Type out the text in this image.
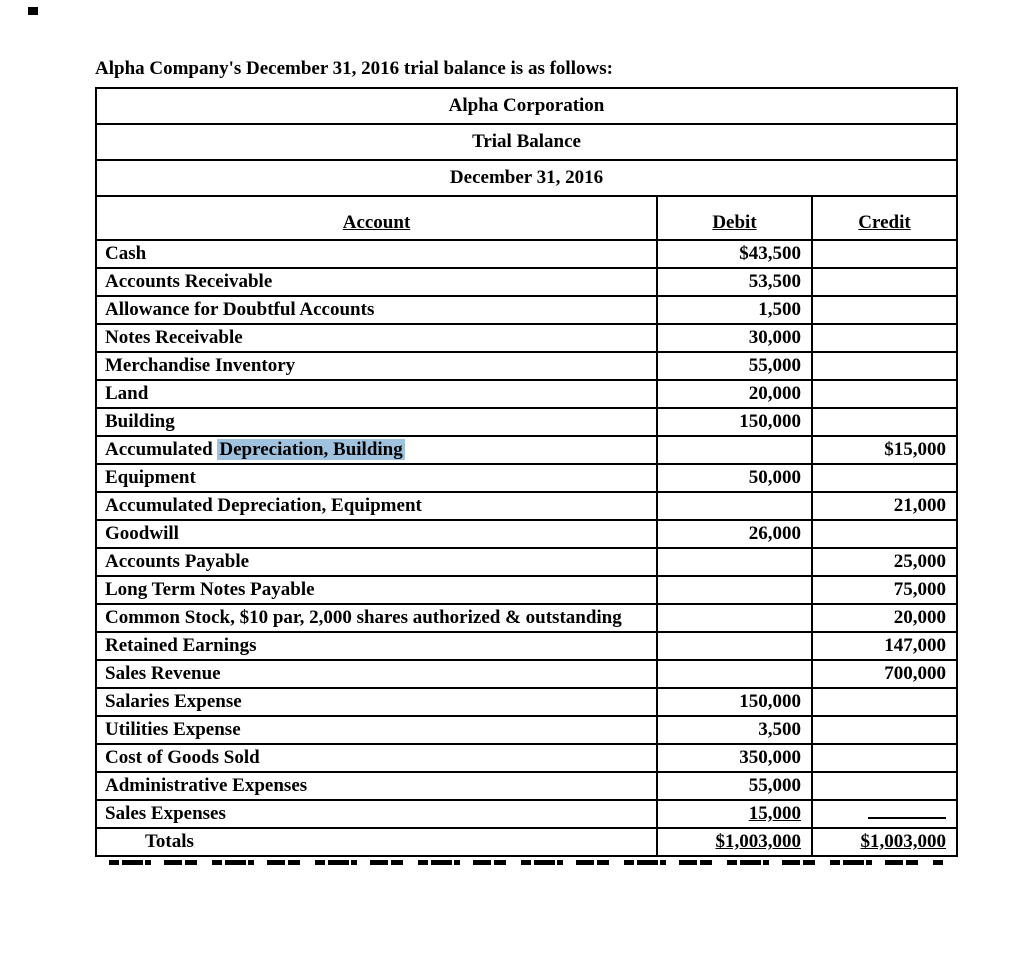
Alpha Company's December 31, 2016 trial balance is as follows:

Alpha Corporation		
Trial Balance		
December 31, 2016		
Account	Debit	Credit
Cash	$43,500	
Accounts Receivable	53,500	
Allowance for Doubtful Accounts	1,500	
Notes Receivable	30,000	
Merchandise Inventory	55,000	
Land	20,000	
Building	150,000	
Accumulated Depreciation, Building		$15,000
Equipment	50,000	
Accumulated Depreciation, Equipment		21,000
Goodwill	26,000	
Accounts Payable		25,000
Long Term Notes Payable		75,000
Common Stock, $10 par, 2,000 shares authorized & outstanding		20,000
Retained Earnings		147,000
Sales Revenue		700,000
Salaries Expense	150,000	
Utilities Expense	3,500	
Cost of Goods Sold	350,000	
Administrative Expenses	55,000	
Sales Expenses	15,000	
Totals	$1,003,000	$1,003,000
